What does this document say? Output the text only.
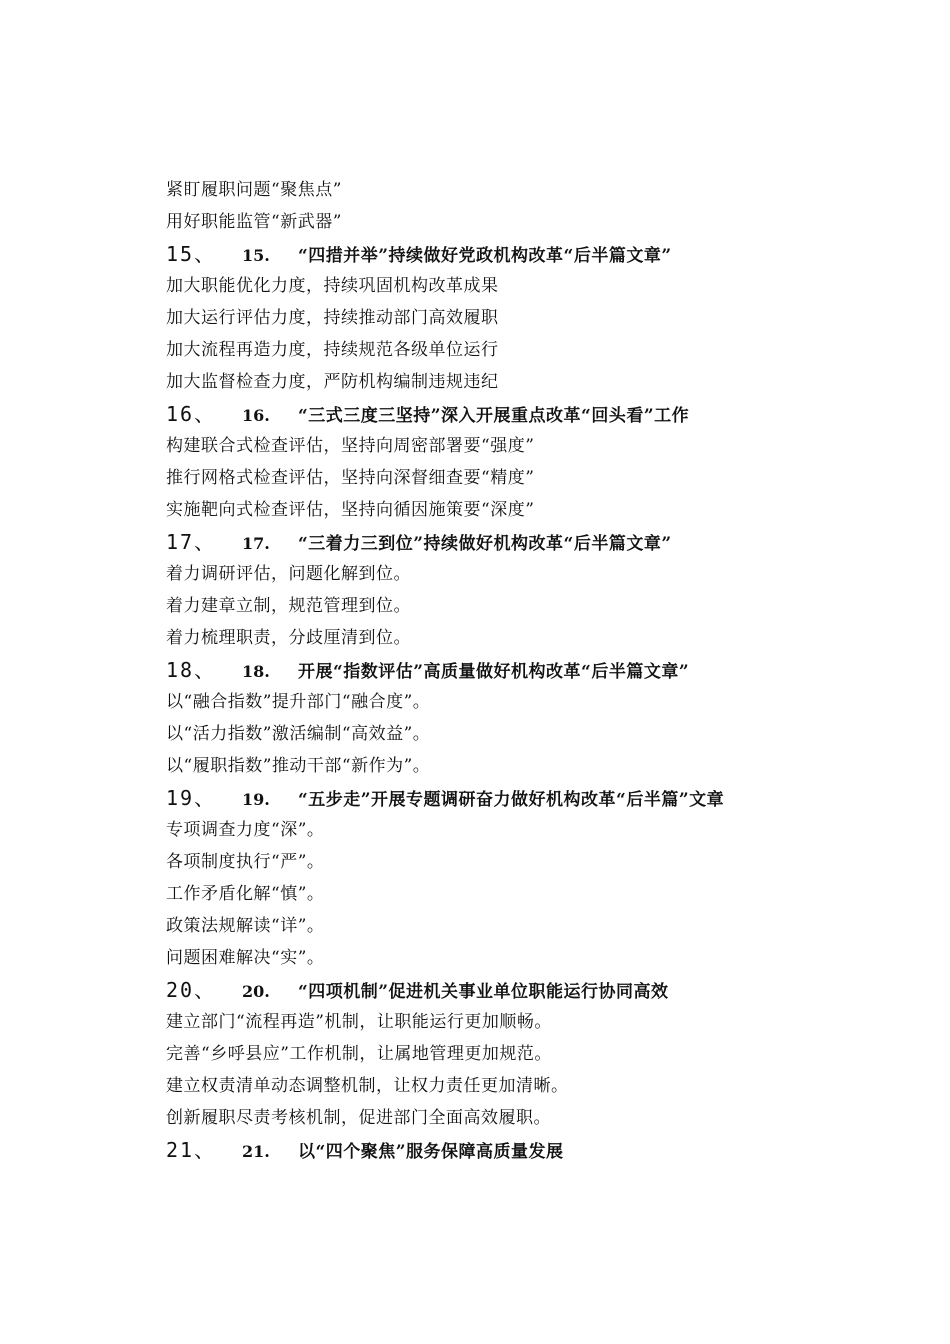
紧盯履职问题“聚焦点”
用好职能监管“新武器”
15、	15.	“四措并举”持续做好党政机构改革“后半篇文章”
加大职能优化力度，持续巩固机构改革成果
加大运行评估力度，持续推动部门高效履职
加大流程再造力度，持续规范各级单位运行
加大监督检查力度，严防机构编制违规违纪
16、	16.	“三式三度三坚持”深入开展重点改革“回头看”工作
构建联合式检查评估，坚持向周密部署要“强度”
推行网格式检查评估，坚持向深督细查要“精度”
实施靶向式检查评估，坚持向循因施策要“深度”
17、	17.	“三着力三到位”持续做好机构改革“后半篇文章”
着力调研评估，问题化解到位。
着力建章立制，规范管理到位。
着力梳理职责，分歧厘清到位。
18、	18.	开展“指数评估”高质量做好机构改革“后半篇文章”
以“融合指数”提升部门“融合度”。
以“活力指数”激活编制“高效益”。
以“履职指数”推动干部“新作为”。
19、	19.	“五步走”开展专题调研奋力做好机构改革“后半篇”文章
专项调查力度“深”。
各项制度执行“严”。
工作矛盾化解“慎”。
政策法规解读“详”。
问题困难解决“实”。
20、	20.	“四项机制”促进机关事业单位职能运行协同高效
建立部门“流程再造”机制，让职能运行更加顺畅。
完善“乡呼县应”工作机制，让属地管理更加规范。
建立权责清单动态调整机制，让权力责任更加清晰。
创新履职尽责考核机制，促进部门全面高效履职。
21、	21.	以“四个聚焦”服务保障高质量发展
